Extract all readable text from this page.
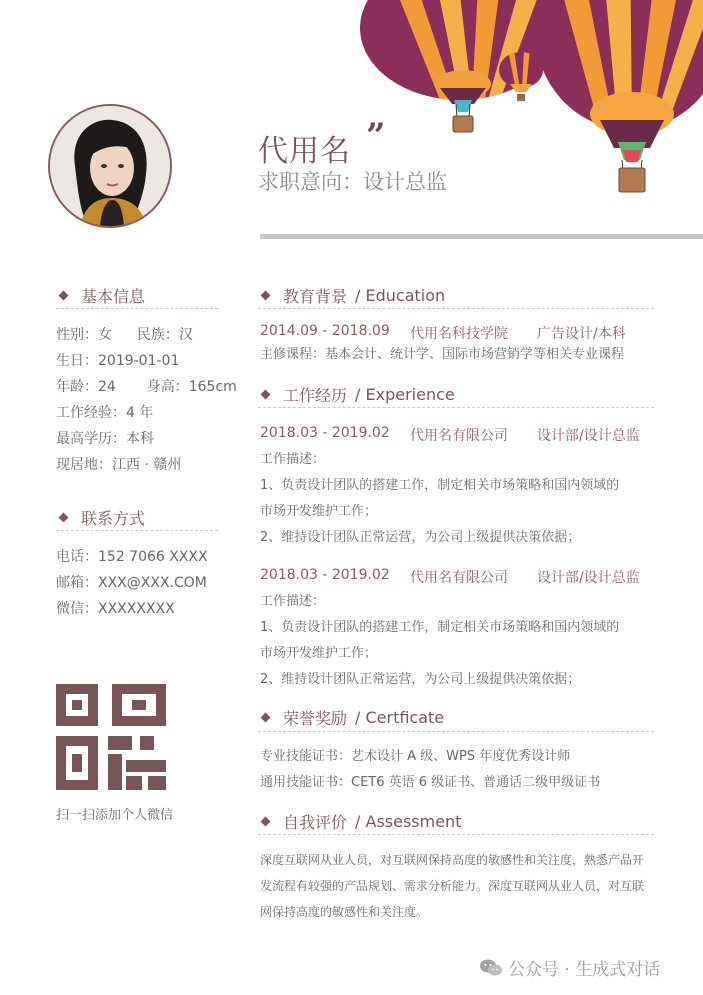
代用名 ”
求职意向：设计总监
基本信息
性别：女 民族：汉
生日：2019-01-01
年龄：24 身高：165cm
工作经验：4 年
最高学历：本科
现居地：江西 · 赣州
联系方式
电话：152 7066 XXXX
邮箱：XXX@XXX.COM
微信：XXXXXXXX
扫一扫添加个人微信
教育背景 / Education
2014.09 - 2018.09	代用名科技学院	广告设计/本科
主修课程：基本会计、统计学、国际市场营销学等相关专业课程
工作经历 / Experience
2018.03 - 2019.02	代用名有限公司	设计部/设计总监
工作描述：
1、负责设计团队的搭建工作，制定相关市场策略和国内领域的
市场开发维护工作；
2、维持设计团队正常运营，为公司上级提供决策依据；
2018.03 - 2019.02	代用名有限公司	设计部/设计总监
工作描述：
1、负责设计团队的搭建工作，制定相关市场策略和国内领域的
市场开发维护工作；
2、维持设计团队正常运营，为公司上级提供决策依据；
荣誉奖励 / Certficate
专业技能证书：艺术设计 A 级、WPS 年度优秀设计师
通用技能证书：CET6 英语 6 级证书、普通话二级甲级证书
自我评价 / Assessment
深度互联网从业人员，对互联网保持高度的敏感性和关注度，熟悉产品开
发流程有较强的产品规划、需求分析能力。深度互联网从业人员，对互联
网保持高度的敏感性和关注度。
公众号 · 生成式对话
